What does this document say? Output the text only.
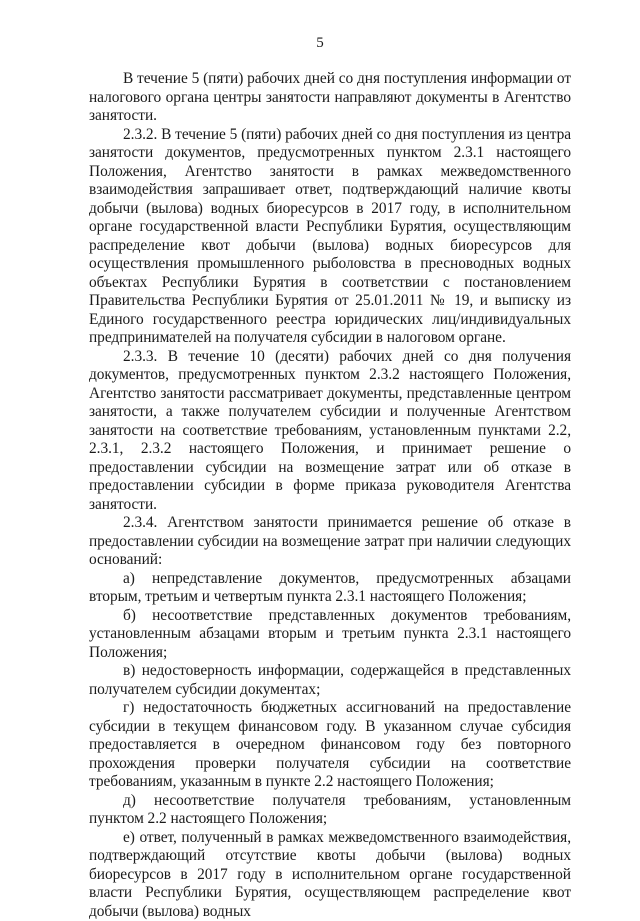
5

В течение 5 (пяти) рабочих дней со дня поступления информации от налогового органа центры занятости направляют документы в Агентство занятости.

2.3.2. В течение 5 (пяти) рабочих дней со дня поступления из центра занятости документов, предусмотренных пунктом 2.3.1 настоящего Положения, Агентство занятости в рамках межведомственного взаимодействия запрашивает ответ, подтверждающий наличие квоты добычи (вылова) водных биоресурсов в 2017 году, в исполнительном органе государственной власти Республики Бурятия, осуществляющим распределение квот добычи (вылова) водных биоресурсов для осуществления промышленного рыболовства в пресноводных водных объектах Республики Бурятия в соответствии с постановлением Правительства Республики Бурятия от 25.01.2011 № 19, и выписку из Единого государственного реестра юридических лиц/индивидуальных предпринимателей на получателя субсидии в налоговом органе.

2.3.3. В течение 10 (десяти) рабочих дней со дня получения документов, предусмотренных пунктом 2.3.2 настоящего Положения, Агентство занятости рассматривает документы, представленные центром занятости, а также получателем субсидии и полученные Агентством занятости на соответствие требованиям, установленным пунктами 2.2, 2.3.1, 2.3.2 настоящего Положения, и принимает решение о предоставлении субсидии на возмещение затрат или об отказе в предоставлении субсидии в форме приказа руководителя Агентства занятости.

2.3.4. Агентством занятости принимается решение об отказе в предоставлении субсидии на возмещение затрат при наличии следующих оснований:

а) непредставление документов, предусмотренных абзацами вторым, третьим и четвертым пункта 2.3.1 настоящего Положения;

б) несоответствие представленных документов требованиям, установленным абзацами вторым и третьим пункта 2.3.1 настоящего Положения;

в) недостоверность информации, содержащейся в представленных получателем субсидии документах;

г) недостаточность бюджетных ассигнований на предоставление субсидии в текущем финансовом году. В указанном случае субсидия предоставляется в очередном финансовом году без повторного прохождения проверки получателя субсидии на соответствие требованиям, указанным в пункте 2.2 настоящего Положения;

д) несоответствие получателя требованиям, установленным пунктом 2.2 настоящего Положения;

е) ответ, полученный в рамках межведомственного взаимодействия, подтверждающий отсутствие квоты добычи (вылова) водных биоресурсов в 2017 году в исполнительном органе государственной власти Республики Бурятия, осуществляющем распределение квот добычи (вылова) водных
